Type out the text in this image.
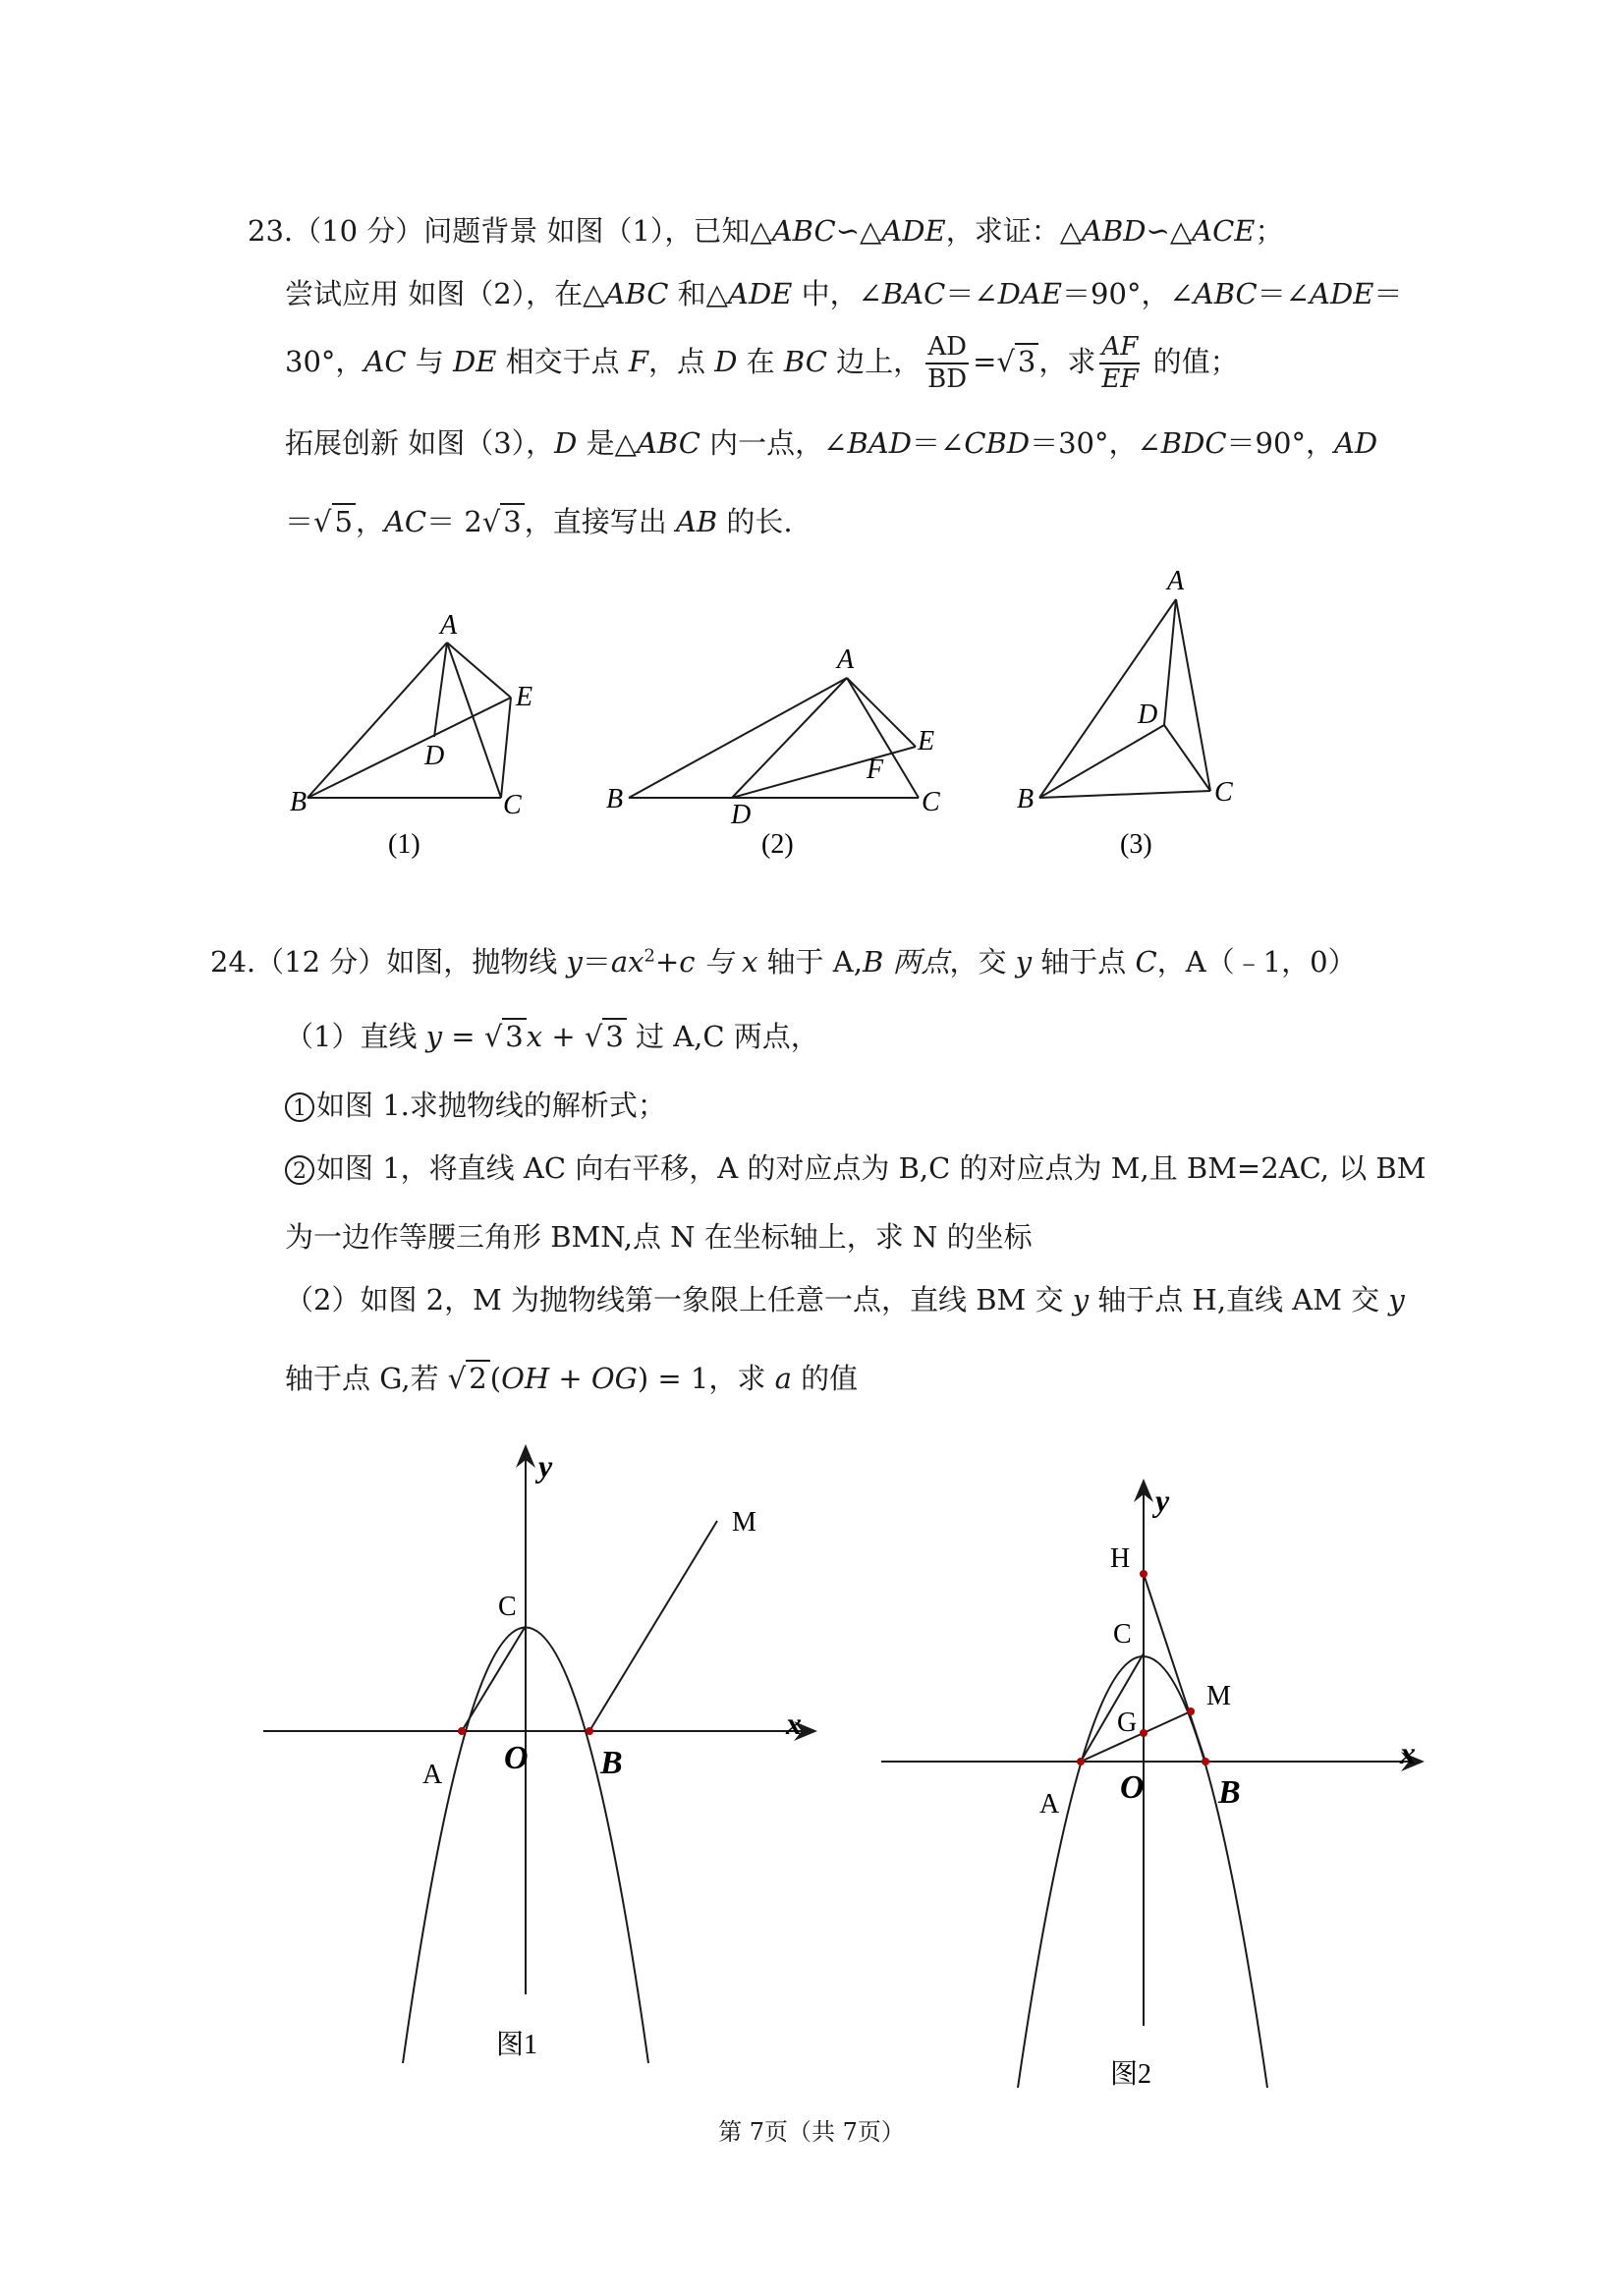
23.（10 分）问题背景 如图（1），已知△ABC∽△ADE，求证：△ABD∽△ACE；
尝试应用 如图（2），在△ABC 和△ADE 中，∠BAC＝∠DAE＝90°，∠ABC＝∠ADE＝
30°，AC 与 DE 相交于点 F，点 D 在 BC 边上， $\frac{AD}{BD}$ =√ 3 ，求 $\frac{AF}{EF}$ 的值；
拓展创新 如图（3），D 是△ABC 内一点，∠BAD＝∠CBD＝30°，∠BDC＝90°，AD
＝√ 5 ，AC＝ 2√ 3 ，直接写出 AB 的长.
A
B	C
D
E
(1)
A
B	C
D
E
F
(2)
A
B	C
D
(3)
24.（12 分）如图，抛物线 $y=ax^2+c$ 与 x 轴于 A,B 两点，交 y 轴于点 C，A（﹣1，0）
（1）直线 y = √ 3 x + √ 3 过 A,C 两点，
1 如图 1.求抛物线的解析式；
2 如图 1，将直线 AC 向右平移，A 的对应点为 B,C 的对应点为 M,且 BM=2AC, 以 BM
为一边作等腰三角形 BMN,点 N 在坐标轴上，求 N 的坐标
（2）如图 2，M 为抛物线第一象限上任意一点，直线 BM 交 y 轴于点 H,直线 AM 交 y
轴于点 G,若 √ 2 (OH + OG) = 1，求 a 的值
y
x
C
A O B
M
图1
y
x
H
C
G
M
A O B
图2
第 7页（共 7页）
